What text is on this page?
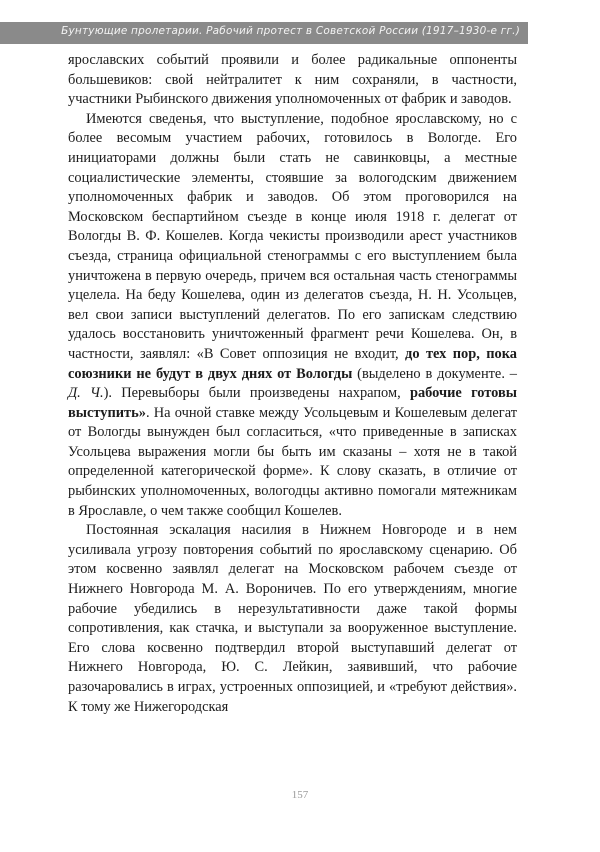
Бунтующие пролетарии. Рабочий протест в Советской России (1917–1930-е гг.)

ярославских событий проявили и более радикальные оппоненты большевиков: свой нейтралитет к ним сохраняли, в частности, участники Рыбинского движения уполномоченных от фабрик и заводов.

Имеются сведенья, что выступление, подобное ярославскому, но с более весомым участием рабочих, готовилось в Вологде. Его инициаторами должны были стать не савинковцы, а местные социалистические элементы, стоявшие за вологодским движением уполномоченных фабрик и заводов. Об этом проговорился на Московском беспартийном съезде в конце июля 1918 г. делегат от Вологды В. Ф. Кошелев. Когда чекисты производили арест участников съезда, страница официальной стенограммы с его выступлением была уничтожена в первую очередь, причем вся остальная часть стенограммы уцелела. На беду Кошелева, один из делегатов съезда, Н. Н. Усольцев, вел свои записи выступлений делегатов. По его запискам следствию удалось восстановить уничтоженный фрагмент речи Кошелева. Он, в частности, заявлял: «В Совет оппозиция не входит, до тех пор, пока союзники не будут в двух днях от Вологды (выделено в документе. – Д. Ч.). Перевыборы были произведены нахрапом, рабочие готовы выступить». На очной ставке между Усольцевым и Кошелевым делегат от Вологды вынужден был согласиться, «что приведенные в записках Усольцева выражения могли бы быть им сказаны – хотя не в такой определенной категорической форме». К слову сказать, в отличие от рыбинских уполномоченных, вологодцы активно помогали мятежникам в Ярославле, о чем также сообщил Кошелев.

Постоянная эскалация насилия в Нижнем Новгороде и в нем усиливала угрозу повторения событий по ярославскому сценарию. Об этом косвенно заявлял делегат на Московском рабочем съезде от Нижнего Новгорода М. А. Вороничев. По его утверждениям, многие рабочие убедились в нерезультативности даже такой формы сопротивления, как стачка, и выступали за вооруженное выступление. Его слова косвенно подтвердил второй выступавший делегат от Нижнего Новгорода, Ю. С. Лейкин, заявивший, что рабочие разочаровались в играх, устроенных оппозицией, и «требуют действия». К тому же Нижегородская

157
